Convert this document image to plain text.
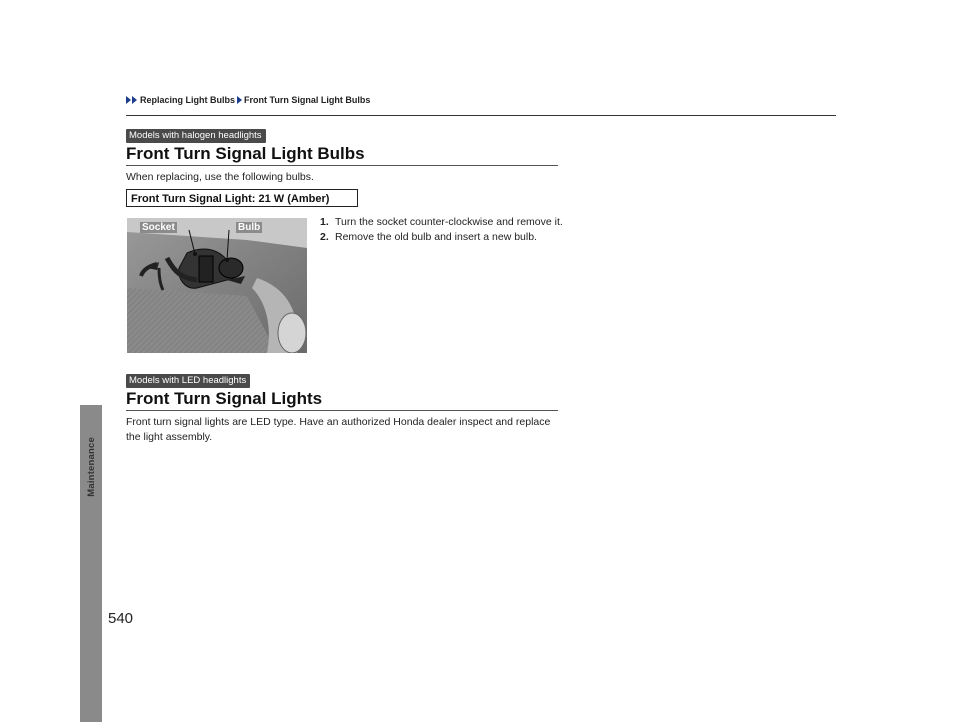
Replacing Light Bulbs Front Turn Signal Light Bulbs
Models with halogen headlights
Front Turn Signal Light Bulbs
When replacing, use the following bulbs.
Front Turn Signal Light: 21 W (Amber)
Socket	Bulb	1. Turn the socket counter-clockwise and remove it.
2. Remove the old bulb and insert a new bulb.
Models with LED headlights
Front Turn Signal Lights
Front turn signal lights are LED type. Have an authorized Honda dealer inspect and replace the light assembly.
Maintenance
540
